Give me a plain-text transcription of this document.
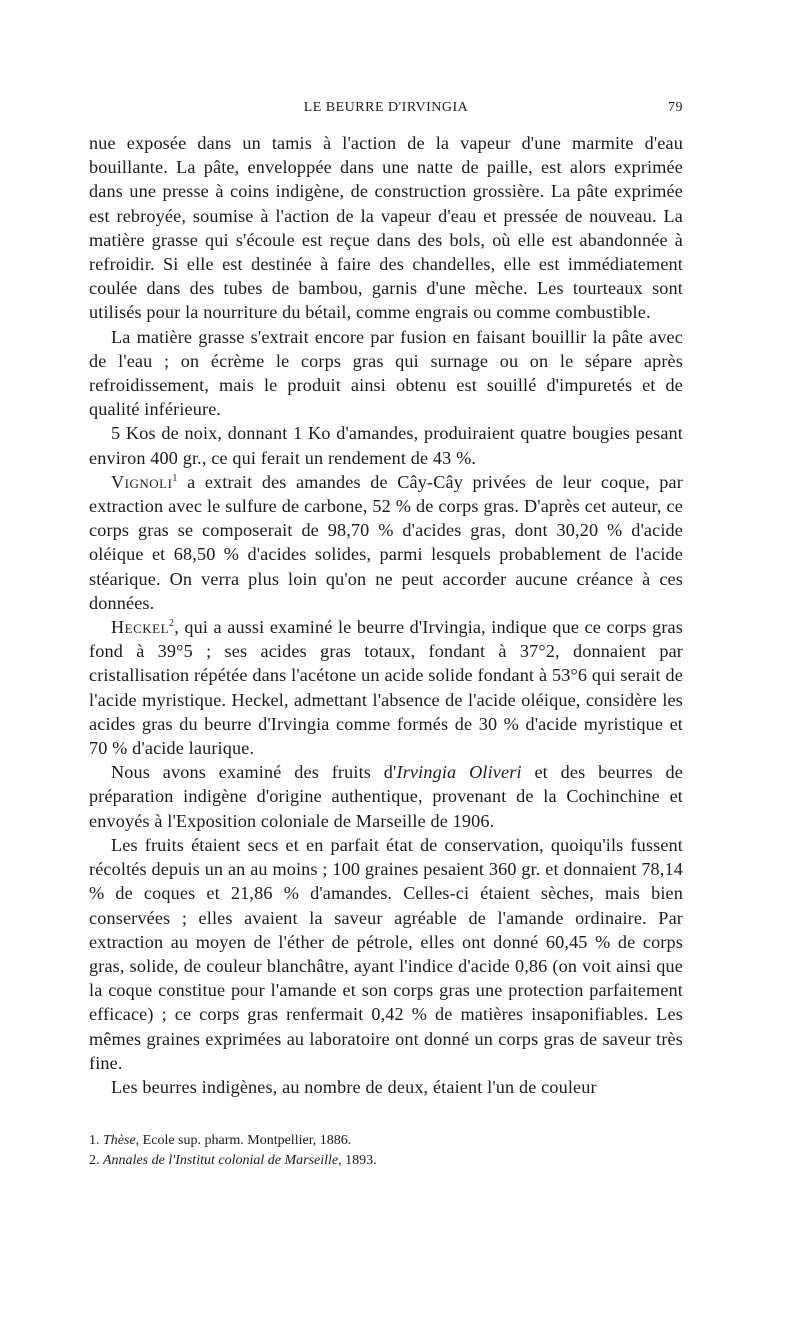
LE BEURRE D'IRVINGIA	79

nue exposée dans un tamis à l'action de la vapeur d'une marmite d'eau bouillante. La pâte, enveloppée dans une natte de paille, est alors exprimée dans une presse à coins indigène, de construction grossière. La pâte exprimée est rebroyée, soumise à l'action de la vapeur d'eau et pressée de nouveau. La matière grasse qui s'écoule est reçue dans des bols, où elle est abandonnée à refroidir. Si elle est destinée à faire des chandelles, elle est immédiatement coulée dans des tubes de bambou, garnis d'une mèche. Les tourteaux sont utilisés pour la nourriture du bétail, comme engrais ou comme combustible.

La matière grasse s'extrait encore par fusion en faisant bouillir la pâte avec de l'eau ; on écrème le corps gras qui surnage ou on le sépare après refroidissement, mais le produit ainsi obtenu est souillé d'impuretés et de qualité inférieure.

5 Kos de noix, donnant 1 Ko d'amandes, produiraient quatre bougies pesant environ 400 gr., ce qui ferait un rendement de 43 %.

Vignoli$^1$ a extrait des amandes de Cây-Cây privées de leur coque, par extraction avec le sulfure de carbone, 52 % de corps gras. D'après cet auteur, ce corps gras se composerait de 98,70 % d'acides gras, dont 30,20 % d'acide oléique et 68,50 % d'acides solides, parmi lesquels probablement de l'acide stéarique. On verra plus loin qu'on ne peut accorder aucune créance à ces données.

Heckel$^2$, qui a aussi examiné le beurre d'Irvingia, indique que ce corps gras fond à 39°5 ; ses acides gras totaux, fondant à 37°2, donnaient par cristallisation répétée dans l'acétone un acide solide fondant à 53°6 qui serait de l'acide myristique. Heckel, admettant l'absence de l'acide oléique, considère les acides gras du beurre d'Irvingia comme formés de 30 % d'acide myristique et 70 % d'acide laurique.

Nous avons examiné des fruits d'Irvingia Oliveri et des beurres de préparation indigène d'origine authentique, provenant de la Cochinchine et envoyés à l'Exposition coloniale de Marseille de 1906.

Les fruits étaient secs et en parfait état de conservation, quoiqu'ils fussent récoltés depuis un an au moins ; 100 graines pesaient 360 gr. et donnaient 78,14 % de coques et 21,86 % d'amandes. Celles-ci étaient sèches, mais bien conservées ; elles avaient la saveur agréable de l'amande ordinaire. Par extraction au moyen de l'éther de pétrole, elles ont donné 60,45 % de corps gras, solide, de couleur blanchâtre, ayant l'indice d'acide 0,86 (on voit ainsi que la coque constitue pour l'amande et son corps gras une protection parfaitement efficace) ; ce corps gras renfermait 0,42 % de matières insaponifiables. Les mêmes graines exprimées au laboratoire ont donné un corps gras de saveur très fine.

Les beurres indigènes, au nombre de deux, étaient l'un de couleur

1. Thèse, Ecole sup. pharm. Montpellier, 1886.
2. Annales de l'Institut colonial de Marseille, 1893.
